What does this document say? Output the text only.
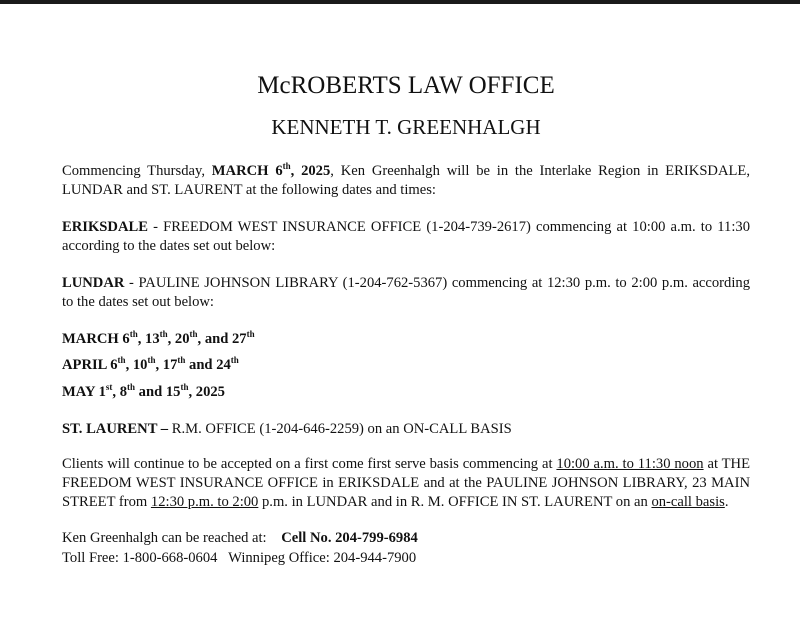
McROBERTS LAW OFFICE
KENNETH T. GREENHALGH
Commencing Thursday, MARCH 6th, 2025, Ken Greenhalgh will be in the Interlake Region in ERIKSDALE, LUNDAR and ST. LAURENT at the following dates and times:
ERIKSDALE - FREEDOM WEST INSURANCE OFFICE (1-204-739-2617) commencing at 10:00 a.m. to 11:30 according to the dates set out below:
LUNDAR - PAULINE JOHNSON LIBRARY (1-204-762-5367) commencing at 12:30 p.m. to 2:00 p.m. according to the dates set out below:
MARCH 6th, 13th, 20th, and 27th
APRIL 6th, 10th, 17th and 24th
MAY 1st, 8th and 15th, 2025
ST. LAURENT – R.M. OFFICE (1-204-646-2259) on an ON-CALL BASIS
Clients will continue to be accepted on a first come first serve basis commencing at 10:00 a.m. to 11:30 noon at THE FREEDOM WEST INSURANCE OFFICE in ERIKSDALE and at the PAULINE JOHNSON LIBRARY, 23 MAIN STREET from 12:30 p.m. to 2:00 p.m. in LUNDAR and in R. M. OFFICE IN ST. LAURENT on an on-call basis.
Ken Greenhalgh can be reached at: Cell No. 204-799-6984
Toll Free: 1-800-668-0604 Winnipeg Office: 204-944-7900
